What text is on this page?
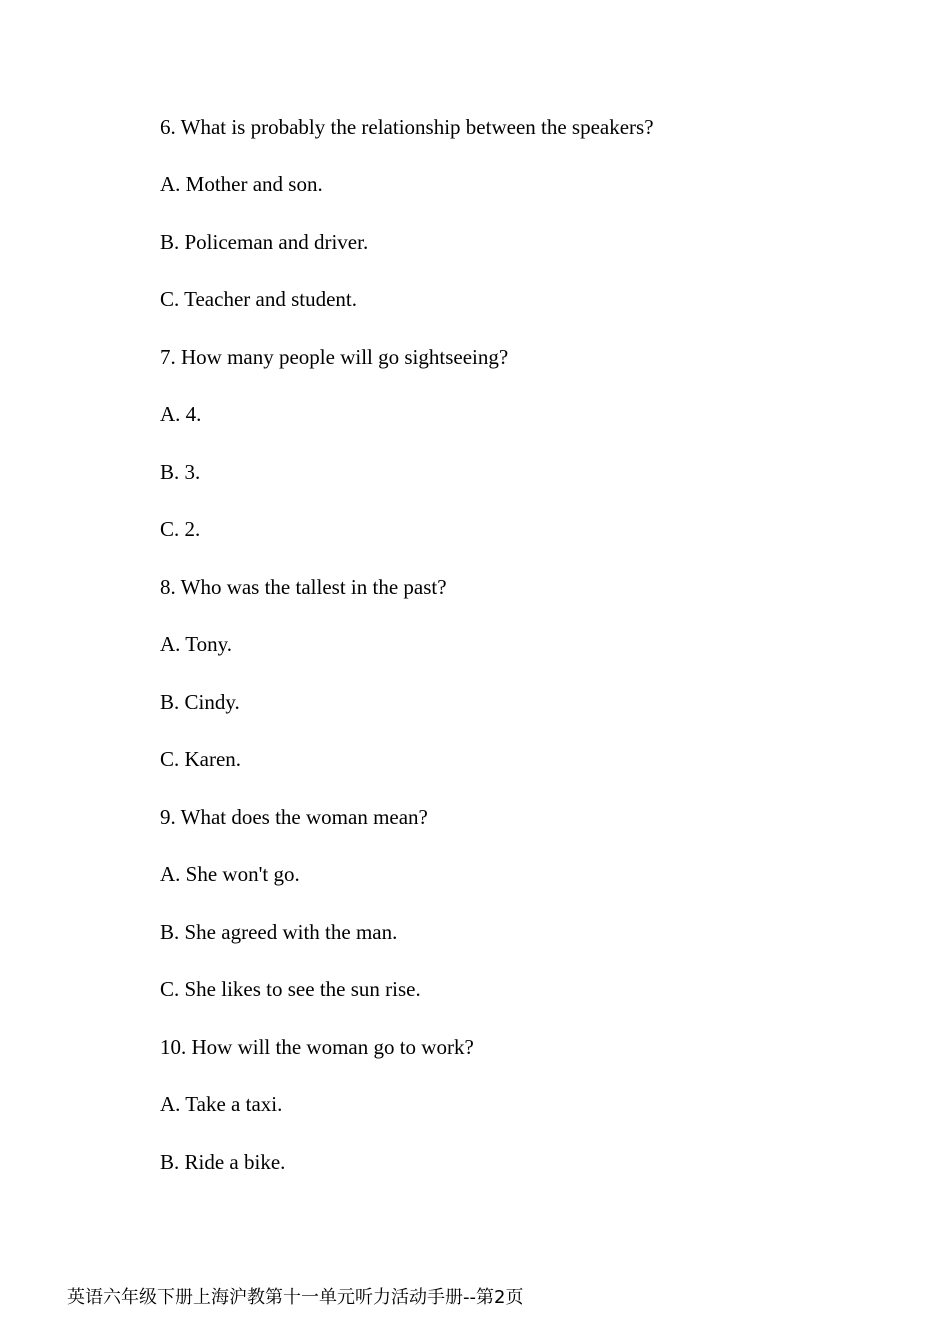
6. What is probably the relationship between the speakers?
A. Mother and son.
B. Policeman and driver.
C. Teacher and student.
7. How many people will go sightseeing?
A. 4.
B. 3.
C. 2.
8. Who was the tallest in the past?
A. Tony.
B. Cindy.
C. Karen.
9. What does the woman mean?
A. She won't go.
B. She agreed with the man.
C. She likes to see the sun rise.
10. How will the woman go to work?
A. Take a taxi.
B. Ride a bike.
英语六年级下册上海沪教第十一单元听力活动手册--第2页
